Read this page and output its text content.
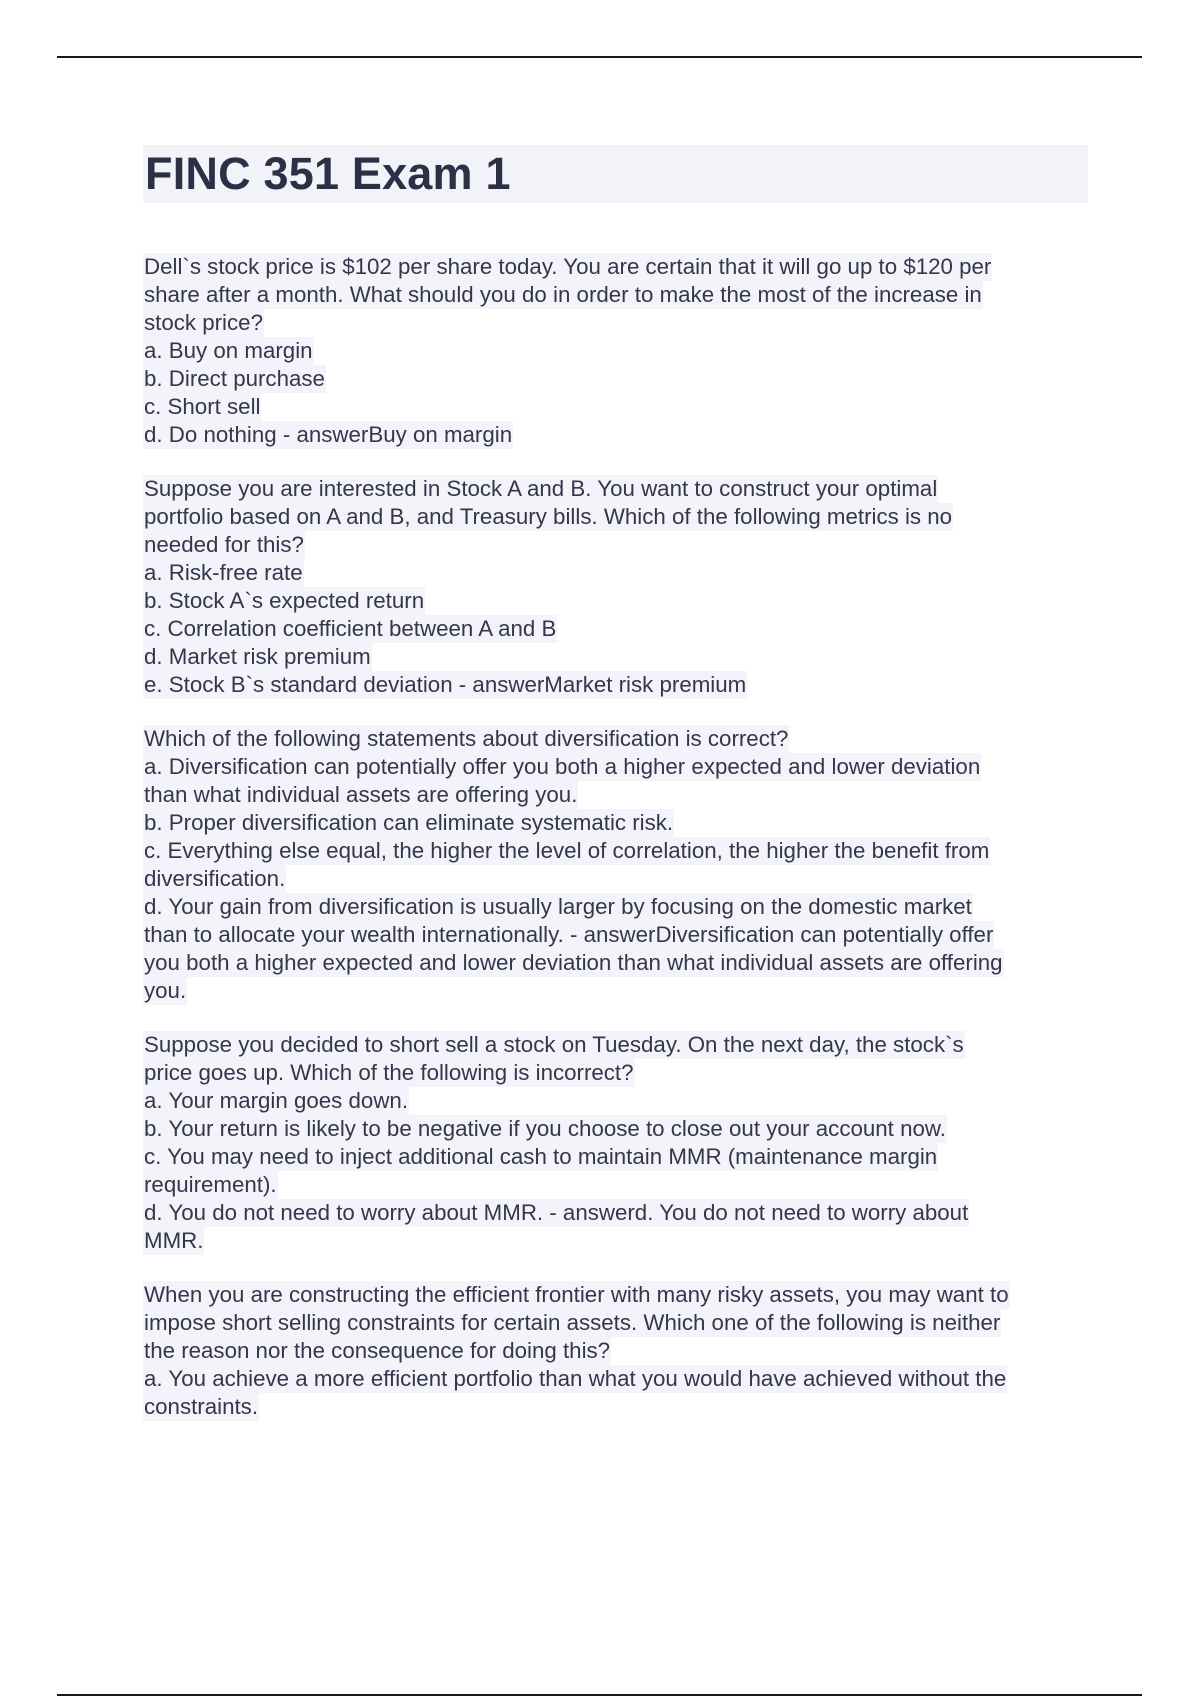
FINC 351 Exam 1

Dell`s stock price is $102 per share today. You are certain that it will go up to $120 per

share after a month. What should you do in order to make the most of the increase in

stock price?

a. Buy on margin

b. Direct purchase

c. Short sell

d. Do nothing - answerBuy on margin

Suppose you are interested in Stock A and B. You want to construct your optimal

portfolio based on A and B, and Treasury bills. Which of the following metrics is no

needed for this?

a. Risk-free rate

b. Stock A`s expected return

c. Correlation coefficient between A and B

d. Market risk premium

e. Stock B`s standard deviation - answerMarket risk premium

Which of the following statements about diversification is correct?

a. Diversification can potentially offer you both a higher expected and lower deviation

than what individual assets are offering you.

b. Proper diversification can eliminate systematic risk.

c. Everything else equal, the higher the level of correlation, the higher the benefit from

diversification.

d. Your gain from diversification is usually larger by focusing on the domestic market

than to allocate your wealth internationally. - answerDiversification can potentially offer

you both a higher expected and lower deviation than what individual assets are offering

you.

Suppose you decided to short sell a stock on Tuesday. On the next day, the stock`s

price goes up. Which of the following is incorrect?

a. Your margin goes down.

b. Your return is likely to be negative if you choose to close out your account now.

c. You may need to inject additional cash to maintain MMR (maintenance margin

requirement).

d. You do not need to worry about MMR. - answerd. You do not need to worry about

MMR.

When you are constructing the efficient frontier with many risky assets, you may want to

impose short selling constraints for certain assets. Which one of the following is neither

the reason nor the consequence for doing this?

a. You achieve a more efficient portfolio than what you would have achieved without the

constraints.
